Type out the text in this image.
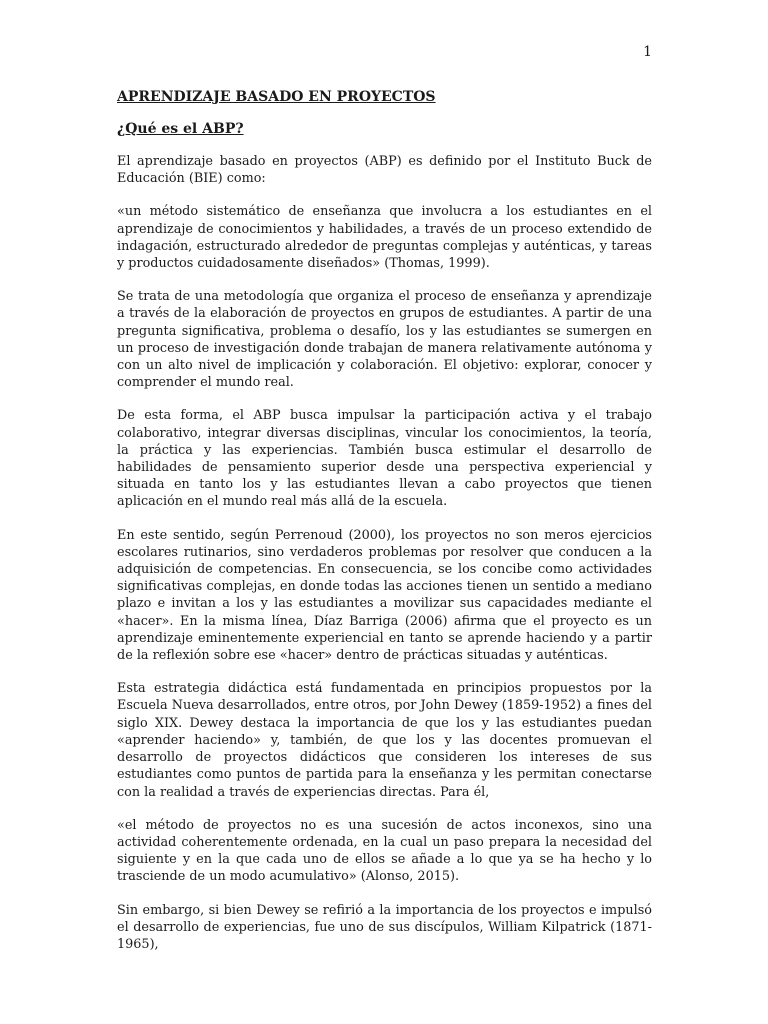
1
APRENDIZAJE BASADO EN PROYECTOS
¿Qué es el ABP?

El aprendizaje basado en proyectos (ABP) es definido por el Instituto Buck de Educación (BIE) como:

«un método sistemático de enseñanza que involucra a los estudiantes en el aprendizaje de conocimientos y habilidades, a través de un proceso extendido de indagación, estructurado alrededor de preguntas complejas y auténticas, y tareas y productos cuidadosamente diseñados» (Thomas, 1999).

Se trata de una metodología que organiza el proceso de enseñanza y aprendizaje a través de la elaboración de proyectos en grupos de estudiantes. A partir de una pregunta significativa, problema o desafío, los y las estudiantes se sumergen en un proceso de investigación donde trabajan de manera relativamente autónoma y con un alto nivel de implicación y colaboración. El objetivo: explorar, conocer y comprender el mundo real.

De esta forma, el ABP busca impulsar la participación activa y el trabajo colaborativo, integrar diversas disciplinas, vincular los conocimientos, la teoría, la práctica y las experiencias. También busca estimular el desarrollo de habilidades de pensamiento superior desde una perspectiva experiencial y situada en tanto los y las estudiantes llevan a cabo proyectos que tienen aplicación en el mundo real más allá de la escuela.

En este sentido, según Perrenoud (2000), los proyectos no son meros ejercicios escolares rutinarios, sino verdaderos problemas por resolver que conducen a la adquisición de competencias. En consecuencia, se los concibe como actividades significativas complejas, en donde todas las acciones tienen un sentido a mediano plazo e invitan a los y las estudiantes a movilizar sus capacidades mediante el «hacer». En la misma línea, Díaz Barriga (2006) afirma que el proyecto es un aprendizaje eminentemente experiencial en tanto se aprende haciendo y a partir de la reflexión sobre ese «hacer» dentro de prácticas situadas y auténticas.

Esta estrategia didáctica está fundamentada en principios propuestos por la Escuela Nueva desarrollados, entre otros, por John Dewey (1859-1952) a fines del siglo XIX. Dewey destaca la importancia de que los y las estudiantes puedan «aprender haciendo» y, también, de que los y las docentes promuevan el desarrollo de proyectos didácticos que consideren los intereses de sus estudiantes como puntos de partida para la enseñanza y les permitan conectarse con la realidad a través de experiencias directas. Para él,

«el método de proyectos no es una sucesión de actos inconexos, sino una actividad coherentemente ordenada, en la cual un paso prepara la necesidad del siguiente y en la que cada uno de ellos se añade a lo que ya se ha hecho y lo trasciende de un modo acumulativo» (Alonso, 2015).

Sin embargo, si bien Dewey se refirió a la importancia de los proyectos e impulsó el desarrollo de experiencias, fue uno de sus discípulos, William Kilpatrick (1871-1965),
